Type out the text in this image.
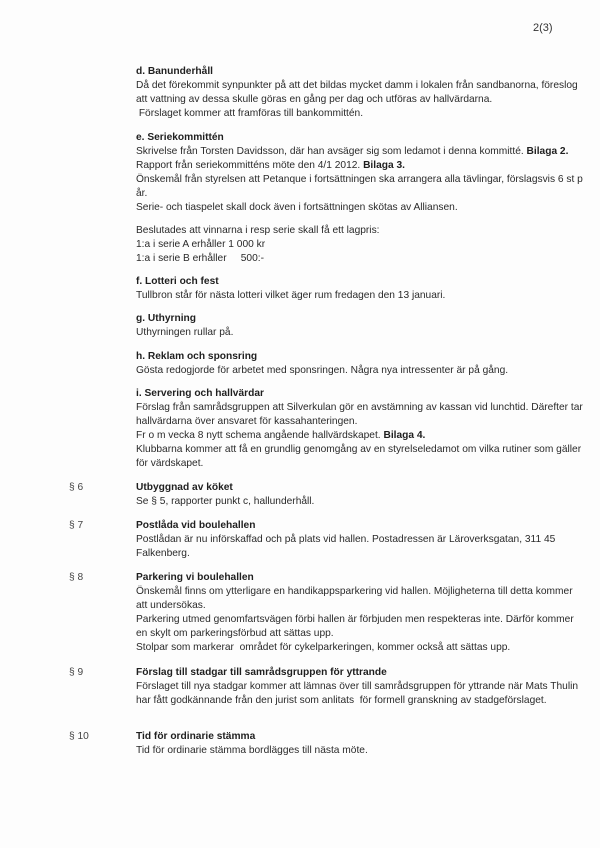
2(3)
d. Banunderhåll
Då det förekommit synpunkter på att det bildas mycket damm i lokalen från sandbanorna, föreslog
att vattning av dessa skulle göras en gång per dag och utföras av hallvärdarna.
Förslaget kommer att framföras till bankommittén.
e. Seriekommittén
Skrivelse från Torsten Davidsson, där han avsäger sig som ledamot i denna kommitté. Bilaga 2.
Rapport från seriekommitténs möte den 4/1 2012. Bilaga 3.
Önskemål från styrelsen att Petanque i fortsättningen ska arrangera alla tävlingar, förslagsvis 6 st p
år.
Serie- och tiaspelet skall dock även i fortsättningen skötas av Alliansen.
Beslutades att vinnarna i resp serie skall få ett lagpris:
1:a i serie A erhåller 1 000 kr
1:a i serie B erhåller     500:-
f. Lotteri och fest
Tullbron står för nästa lotteri vilket äger rum fredagen den 13 januari.
g. Uthyrning
Uthyrningen rullar på.
h. Reklam och sponsring
Gösta redogjorde för arbetet med sponsringen. Några nya intressenter är på gång.
i. Servering och hallvärdar
Förslag från samrådsgruppen att Silverkulan gör en avstämning av kassan vid lunchtid. Därefter tar
hallvärdarna över ansvaret för kassahanteringen.
Fr o m vecka 8 nytt schema angående hallvärdskapet. Bilaga 4.
Klubbarna kommer att få en grundlig genomgång av en styrelseledamot om vilka rutiner som gäller
för värdskapet.
§ 6	Utbyggnad av köket
Se § 5, rapporter punkt c, hallunderhåll.
§ 7	Postlåda vid boulehallen
Postlådan är nu införskaffad och på plats vid hallen. Postadressen är Läroverksgatan, 311 45
Falkenberg.
§ 8	Parkering vi boulehallen
Önskemål finns om ytterligare en handikappsparkering vid hallen. Möjligheterna till detta kommer
att undersökas.
Parkering utmed genomfartsvägen förbi hallen är förbjuden men respekteras inte. Därför kommer
en skylt om parkeringsförbud att sättas upp.
Stolpar som markerar  området för cykelparkeringen, kommer också att sättas upp.
§ 9	Förslag till stadgar till samrådsgruppen för yttrande
Förslaget till nya stadgar kommer att lämnas över till samrådsgruppen för yttrande när Mats Thulin
har fått godkännande från den jurist som anlitats  för formell granskning av stadgeförslaget.
§ 10	Tid för ordinarie stämma
Tid för ordinarie stämma bordlägges till nästa möte.
